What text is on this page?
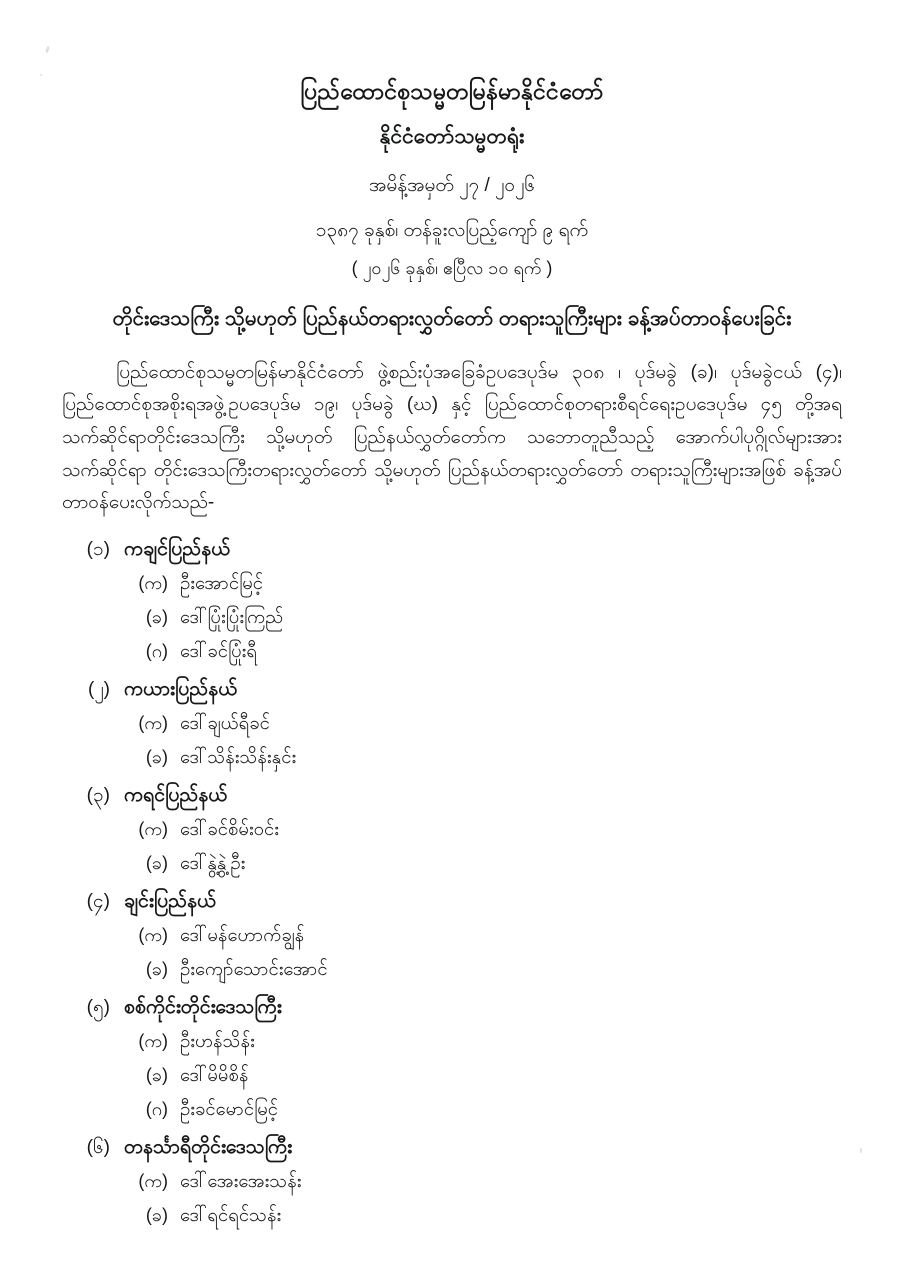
ပြည်ထောင်စုသမ္မတမြန်မာနိုင်ငံတော်
နိုင်ငံတော်သမ္မတရုံး
အမိန့်အမှတ် ၂၇ / ၂၀၂၆
၁၃၈၇ ခုနှစ်၊ တန်ခူးလပြည့်ကျော် ၉ ရက်
( ၂၀၂၆ ခုနှစ်၊ ဧပြီလ ၁၀ ရက် )
တိုင်းဒေသကြီး သို့မဟုတ် ပြည်နယ်တရားလွှတ်တော် တရားသူကြီးများ ခန့်အပ်တာဝန်ပေးခြင်း

ပြည်ထောင်စုသမ္မတမြန်မာနိုင်ငံတော် ဖွဲ့စည်းပုံအခြေခံဥပဒေပုဒ်မ ၃၀၈ ၊ ပုဒ်မခွဲ (ခ)၊ ပုဒ်မခွဲငယ် (၄)၊ ပြည်ထောင်စုအစိုးရအဖွဲ့ဥပဒေပုဒ်မ ၁၉၊ ပုဒ်မခွဲ (ဃ) နှင့် ပြည်ထောင်စုတရားစီရင်ရေးဥပဒေပုဒ်မ ၄၅ တို့အရ သက်ဆိုင်ရာတိုင်းဒေသကြီး သို့မဟုတ် ပြည်နယ်လွှတ်တော်က သဘောတူညီသည့် အောက်ပါပုဂ္ဂိုလ်များအား သက်ဆိုင်ရာ တိုင်းဒေသကြီးတရားလွှတ်တော် သို့မဟုတ် ပြည်နယ်တရားလွှတ်တော် တရားသူကြီးများအဖြစ် ခန့်အပ်တာဝန်ပေးလိုက်သည်-

(၁) ကချင်ပြည်နယ်
(က) ဦးအောင်မြင့်
(ခ) ဒေါ်ပြုံးပြုံးကြည်
(ဂ) ဒေါ်ခင်ပြုံးရီ
(၂) ကယားပြည်နယ်
(က) ဒေါ်ချယ်ရီခင်
(ခ) ဒေါ်သိန်းသိန်းနှင်း
(၃) ကရင်ပြည်နယ်
(က) ဒေါ်ခင်စိမ်းဝင်း
(ခ) ဒေါ်နွဲ့နွဲ့ဦး
(၄) ချင်းပြည်နယ်
(က) ဒေါ်မန်ဟောက်ချွန်
(ခ) ဦးကျော်သောင်းအောင်
(၅) စစ်ကိုင်းတိုင်းဒေသကြီး
(က) ဦးဟန်သိန်း
(ခ) ဒေါ်မိမိစိန်
(ဂ) ဦးခင်မောင်မြင့်
(၆) တနင်္သာရီတိုင်းဒေသကြီး
(က) ဒေါ်အေးအေးသန်း
(ခ) ဒေါ်ရင်ရင်သန်း
